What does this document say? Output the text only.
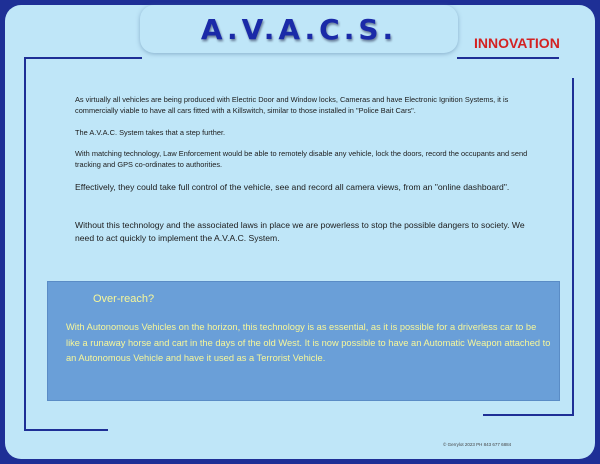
A.V.A.C.S.	INNOVATION
As virtually all vehicles are being produced with Electric Door and Window locks, Cameras and have Electronic Ignition Systems, it is commercially viable to have all cars fitted with a Killswitch, similar to those installed in "Police Bait Cars".
The A.V.A.C. System takes that a step further.
With matching technology, Law Enforcement would be able to remotely disable any vehicle, lock the doors, record the occupants and send tracking and GPS co-ordinates to authorities.
Effectively, they could take full control of the vehicle, see and record all camera views, from an "online dashboard".
Without this technology and the associated laws in place we are powerless to stop the possible dangers to society. We need to act quickly to implement the A.V.A.C. System.
Over-reach?
With Autonomous Vehicles on the horizon, this technology is as essential, as it is possible for a driverless car to be like a runaway horse and cart in the days of the old West. It is now possible to have an Automatic Weapon attached to an Autonomous Vehicle and have it used as a Terrorist Vehicle.
© Gerrylot 2023 PH 843 677 6884
